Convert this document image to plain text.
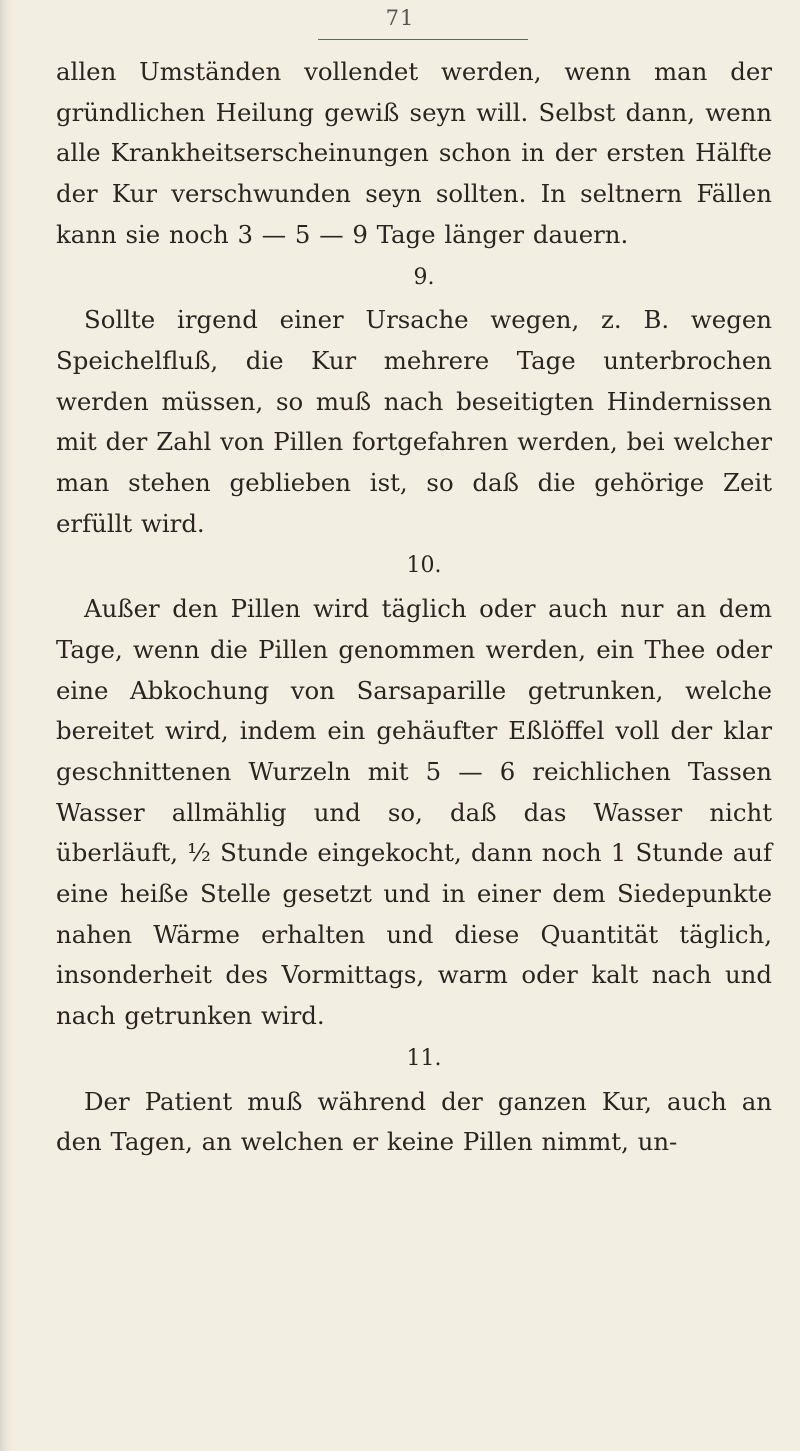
71

allen Umständen vollendet werden, wenn man der gründlichen Heilung gewiß seyn will. Selbst dann, wenn alle Krankheitserscheinungen schon in der ersten Hälfte der Kur verschwunden seyn sollten. In seltnern Fällen kann sie noch 3 — 5 — 9 Tage länger dauern.

9.

Sollte irgend einer Ursache wegen, z. B. wegen Speichelfluß, die Kur mehrere Tage unterbrochen werden müssen, so muß nach beseitigten Hindernissen mit der Zahl von Pillen fortgefahren werden, bei welcher man stehen geblieben ist, so daß die gehörige Zeit erfüllt wird.

10.

Außer den Pillen wird täglich oder auch nur an dem Tage, wenn die Pillen genommen werden, ein Thee oder eine Abkochung von Sarsaparille getrunken, welche bereitet wird, indem ein gehäufter Eßlöffel voll der klar geschnittenen Wurzeln mit 5 — 6 reichlichen Tassen Wasser allmählig und so, daß das Wasser nicht überläuft, ½ Stunde eingekocht, dann noch 1 Stunde auf eine heiße Stelle gesetzt und in einer dem Siedepunkte nahen Wärme erhalten und diese Quantität täglich, insonderheit des Vormittags, warm oder kalt nach und nach getrunken wird.

11.

Der Patient muß während der ganzen Kur, auch an den Tagen, an welchen er keine Pillen nimmt, un-
